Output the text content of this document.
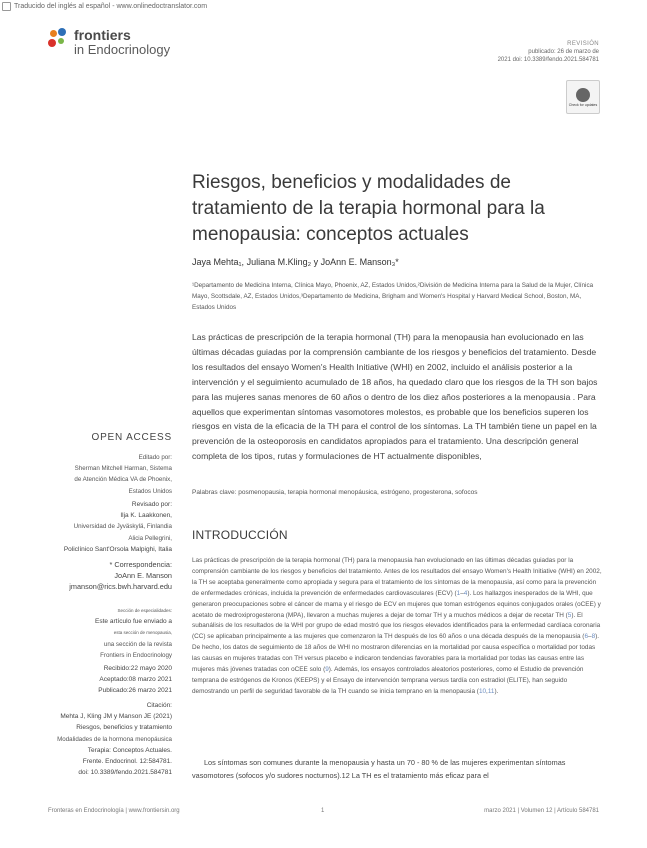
Traducido del inglés al español - www.onlinedoctranslator.com
frontiers
in Endocrinology	REVISIÓN
publicado: 26 de marzo de
2021 doi: 10.3389/fendo.2021.584781
Check for updates
Riesgos, beneficios y modalidades de tratamiento de la terapia hormonal para la menopausia: conceptos actuales
Jaya Mehta₁, Juliana M.Kling₂ y JoAnn E. Manson₃*
¹Departamento de Medicina Interna, Clínica Mayo, Phoenix, AZ, Estados Unidos,²División de Medicina Interna para la Salud de la Mujer, Clínica Mayo, Scottsdale, AZ, Estados Unidos,³Departamento de Medicina, Brigham and Women's Hospital y Harvard Medical School, Boston, MA, Estados Unidos
Las prácticas de prescripción de la terapia hormonal (TH) para la menopausia han evolucionado en las últimas décadas guiadas por la comprensión cambiante de los riesgos y beneficios del tratamiento. Desde los resultados del ensayo Women's Health Initiative (WHI) en 2002, incluido el análisis posterior a la intervención y el seguimiento acumulado de 18 años, ha quedado claro que los riesgos de la TH son bajos para las mujeres sanas menores de 60 años o dentro de los diez años posteriores a la menopausia . Para aquellos que experimentan síntomas vasomotores molestos, es probable que los beneficios superen los riesgos en vista de la eficacia de la TH para el control de los síntomas. La TH también tiene un papel en la prevención de la osteoporosis en candidatos apropiados para el tratamiento. Una descripción general completa de los tipos, rutas y formulaciones de HT actualmente disponibles,
Palabras clave: posmenopausia, terapia hormonal menopáusica, estrógeno, progesterona, sofocos
OPEN ACCESS
Editado por:
Sherman Mitchell Harman, Sistema
de Atención Médica VA de Phoenix,
Estados Unidos
Revisado por:
Ilja K. Laakkonen,
Universidad de Jyväskylä, Finlandia
Alicia Pellegrini,
Policlínico Sant'Orsola Malpighi, Italia
* Correspondencia:
JoAnn E. Manson
jmanson@rics.bwh.harvard.edu
Sección de especialidades:
Este artículo fue enviado a
esta sección de menopausia,
una sección de la revista
Frontiers in Endocrinology
Recibido:22 mayo 2020
Aceptado:08 marzo 2021
Publicado:26 marzo 2021
Citación:
Mehta J, Kling JM y Manson JE (2021)
Riesgos, beneficios y tratamiento
Modalidades de la hormona menopáusica
Terapia: Conceptos Actuales.
Frente. Endocrinol. 12:584781.
doi: 10.3389/fendo.2021.584781
INTRODUCCIÓN

Las prácticas de prescripción de la terapia hormonal (TH) para la menopausia han evolucionado en las últimas décadas guiadas por la comprensión cambiante de los riesgos y beneficios del tratamiento. Antes de los resultados del ensayo Women's Health Initiative (WHI) en 2002, la TH se aceptaba generalmente como apropiada y segura para el tratamiento de los síntomas de la menopausia, así como para la prevención de enfermedades crónicas, incluida la prevención de enfermedades cardiovasculares (ECV) (1–4). Los hallazgos inesperados de la WHI, que generaron preocupaciones sobre el cáncer de mama y el riesgo de ECV en mujeres que toman estrógenos equinos conjugados orales (oCEE) y acetato de medroxiprogesterona (MPA), llevaron a muchas mujeres a dejar de tomar TH y a muchos médicos a dejar de recetar TH (5). El subanálisis de los resultados de la WHI por grupo de edad mostró que los riesgos elevados identificados para la enfermedad cardíaca coronaria (CC) se aplicaban principalmente a las mujeres que comenzaron la TH después de los 60 años o una década después de la menopausia (6–8). De hecho, los datos de seguimiento de 18 años de WHI no mostraron diferencias en la mortalidad por causa específica o mortalidad por todas las causas en mujeres tratadas con TH versus placebo e indicaron tendencias favorables para la mortalidad por todas las causas entre las mujeres más jóvenes tratadas con oCEE solo (9). Además, los ensayos controlados aleatorios posteriores, como el Estudio de prevención temprana de estrógenos de Kronos (KEEPS) y el Ensayo de intervención temprana versus tardía con estradiol (ELITE), han seguido demostrando un perfil de seguridad favorable de la TH cuando se inicia temprano en la menopausia (10,11).

Los síntomas son comunes durante la menopausia y hasta un 70 - 80 % de las mujeres experimentan síntomas vasomotores (sofocos y/o sudores nocturnos).12 La TH es el tratamiento más eficaz para el

Fronteras en Endocrinología | www.frontiersin.org	1	marzo 2021 | Volumen 12 | Artículo 584781
